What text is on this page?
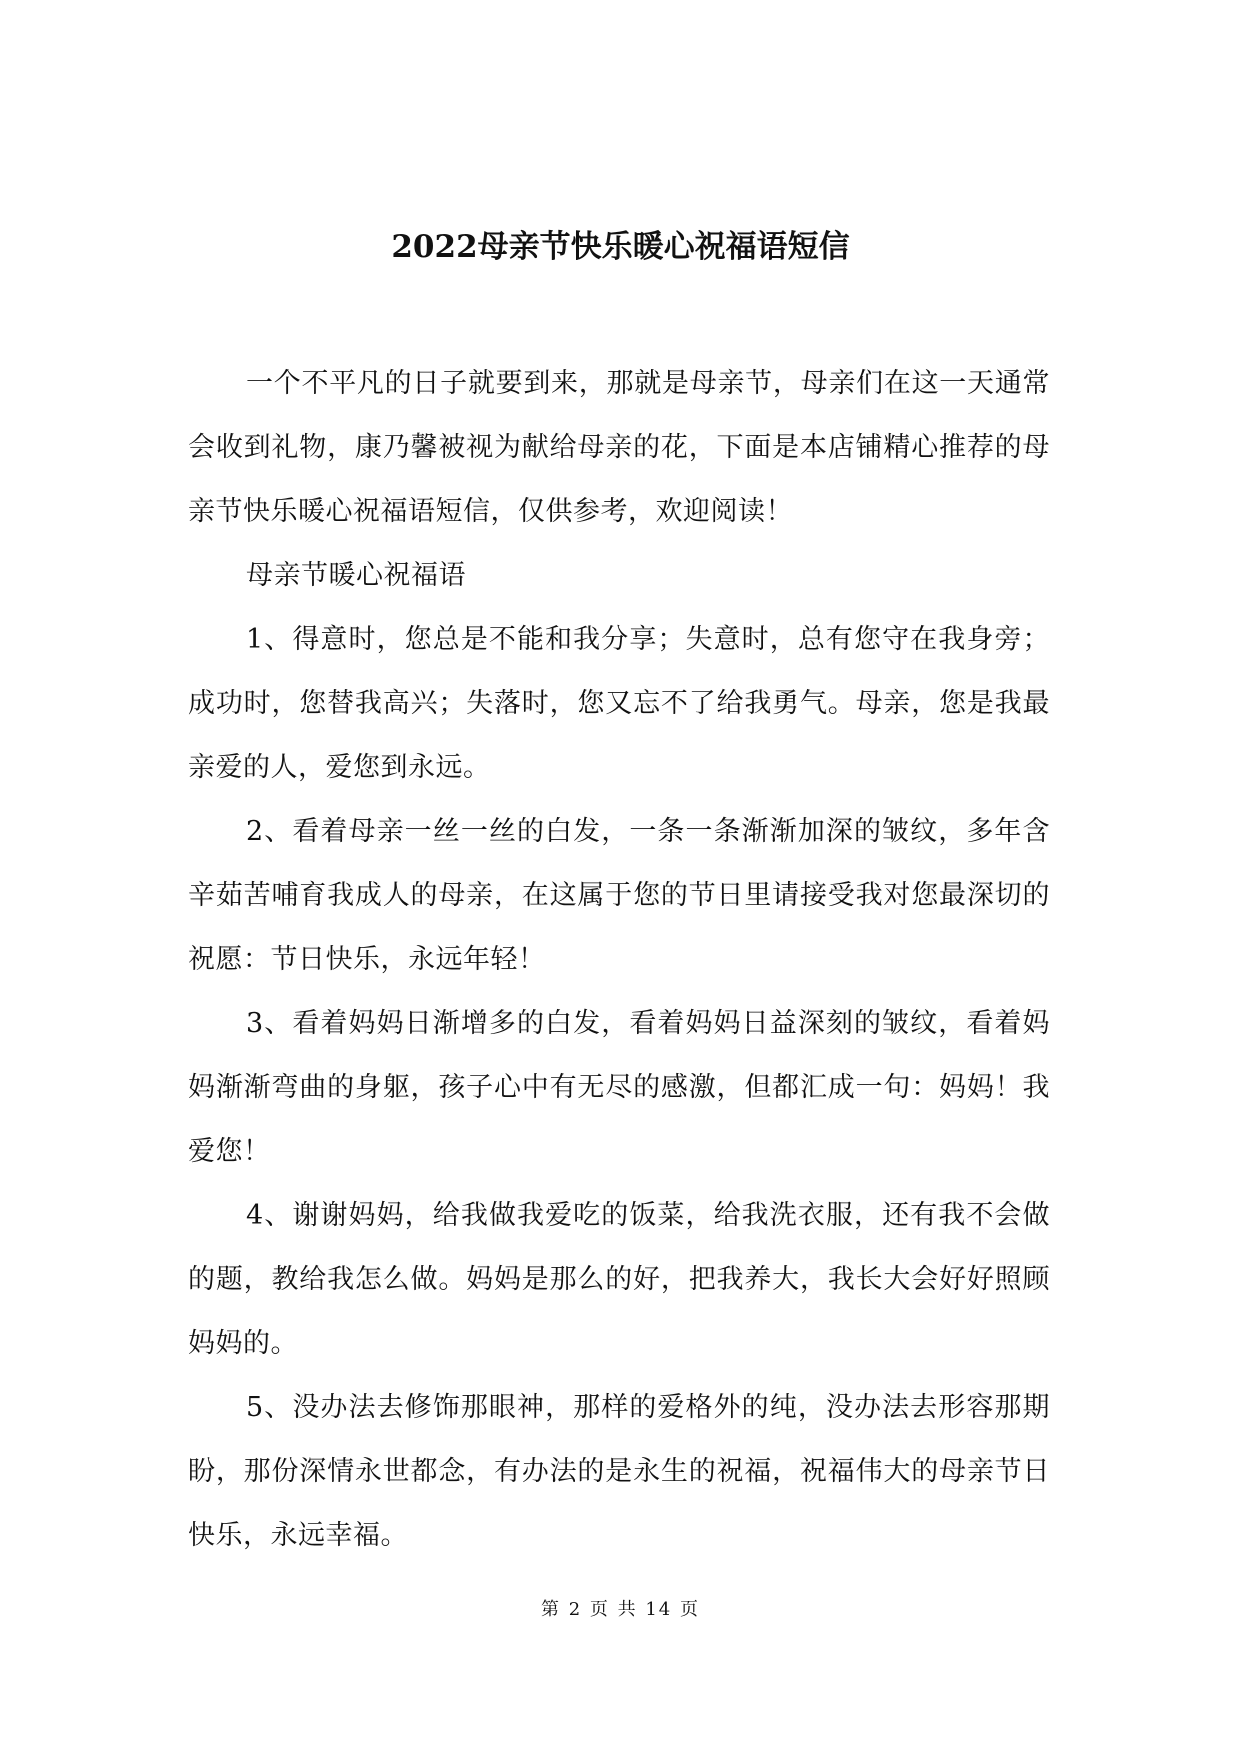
2022母亲节快乐暖心祝福语短信

一个不平凡的日子就要到来，那就是母亲节，母亲们在这一天通常会收到礼物，康乃馨被视为献给母亲的花，下面是本店铺精心推荐的母亲节快乐暖心祝福语短信，仅供参考，欢迎阅读！

母亲节暖心祝福语

1、得意时，您总是不能和我分享；失意时，总有您守在我身旁；成功时，您替我高兴；失落时，您又忘不了给我勇气。母亲，您是我最亲爱的人，爱您到永远。

2、看着母亲一丝一丝的白发，一条一条渐渐加深的皱纹，多年含辛茹苦哺育我成人的母亲，在这属于您的节日里请接受我对您最深切的祝愿：节日快乐，永远年轻！

3、看着妈妈日渐增多的白发，看着妈妈日益深刻的皱纹，看着妈妈渐渐弯曲的身躯，孩子心中有无尽的感激，但都汇成一句：妈妈！我爱您！

4、谢谢妈妈，给我做我爱吃的饭菜，给我洗衣服，还有我不会做的题，教给我怎么做。妈妈是那么的好，把我养大，我长大会好好照顾妈妈的。

5、没办法去修饰那眼神，那样的爱格外的纯，没办法去形容那期盼，那份深情永世都念，有办法的是永生的祝福，祝福伟大的母亲节日快乐，永远幸福。

第 2 页 共 14 页
